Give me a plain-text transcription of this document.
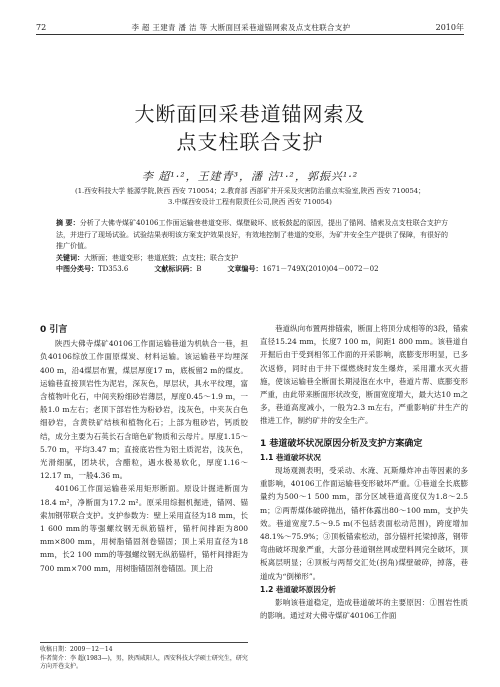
72	李 超 王建青 潘 洁 等 大断面回采巷道锚网索及点支柱联合支护	2010年
大断面回采巷道锚网索及
点支柱联合支护
李 超¹·²，王建青³，潘 洁¹·²，郭振兴¹·²
(1.西安科技大学 能源学院,陕西 西安 710054；2.教育部 西部矿井开采及灾害防治重点实验室,陕西 西安 710054；
3.中煤西安设计工程有限责任公司,陕西 西安 710054)

摘 要：分析了大佛寺煤矿40106工作面运输巷巷道变形、煤壁破坏、底板鼓起的原因，提出了锚网、锚索及点支柱联合支护方法，并进行了现场试验。试验结果表明该方案支护效果良好，有效地控制了巷道的变形，为矿井安全生产提供了保障，有很好的推广价值。

关键词：大断面；巷道变形；巷道底鼓；点支柱；联合支护

中图分类号：TD353.6	文献标识码：B	文章编号：1671－749X(2010)04－0072－02

0 引言

陕西大佛寺煤矿40106工作面运输巷道为机轨合一巷，担负40106综放工作面原煤炭、材料运输。该运输巷平均埋深400 m，沿4煤层布置，煤层厚度17 m，底板留2 m的煤皮。运输巷直接顶岩性为泥岩，深灰色，厚层状，具水平纹理，富含植物叶化石，中间夹粉细砂岩薄层，厚度0.45～1.9 m，一般1.0 m左右；老顶下部岩性为粉砂岩，浅灰色，中夹灰白色细砂岩，含黄铁矿结核和植物化石；上部为粗砂岩，钙质胶结，成分主要为石英长石含暗色矿物质和云母片。厚度1.15～5.70 m，平均3.47 m；直接底岩性为铝土质泥岩，浅灰色，光滑细腻，团块状，含醋粒，遇水极易软化，厚度1.16～12.17 m，一般4.36 m。

40106工作面运输巷采用矩形断面。原设计掘进断面为18.4 m²，净断面为17.2 m²。原采用综掘机掘进，锚网、锚索加钢带联合支护。支护参数为：壁上采用直径为18 mm，长1 600 mm的等强螺纹钢无纵筋锚杆，锚杆间排距为800 mm×800 mm，用树脂锚固剂卷锚固；顶上采用直径为18 mm，长2 100 mm的等强螺纹钢无纵筋锚杆，锚杆间排距为700 mm×700 mm，用树脂锚固剂卷锚固。顶上沿

收稿日期：2009－12－14

作者简介：李 超(1983—)，男，陕西咸阳人，西安科技大学硕士研究生，研究方向开巷支护。

巷道纵向布置两排锚索，断面上将顶分成相等的3段，锚索直径15.24 mm，长度7 100 m，间距1 800 mm。该巷道自开掘后由于受到相邻工作面的开采影响，底膨变形明显，已多次返修，同时由于井下煤燃烧时发生爆炸，采用灌水灭火措施，使该运输巷全断面长期浸泡在水中，巷道片帮、底膨变形严重，由此带来断面形状改变，断面宽度增大，最大达10 m之多，巷道高度减小，一般为2.3 m左右，严重影响矿井生产的推进工作，制约矿井的安全生产。

1 巷道破坏状况原因分析及支护方案确定

1.1 巷道破坏状况

现场观测表明，受采动、水淹、瓦斯爆炸冲击等因素的多重影响，40106工作面运输巷变形破坏严重。①巷道全长底膨量约为500～1 500 mm，部分区域巷道高度仅为1.8～2.5 m；②两帮煤体破碎抛出，锚杆体露出80～100 mm，支护失效。巷道宽度7.5～9.5 m(不包括表面松动范围)，跨度增加48.1%～75.9%；③顶板锚索松动，部分锚杆托梁掉落，钢带弯曲破坏现象严重，大部分巷道钢丝网或塑料网完全破坏，顶板离层明显；④顶板与两帮交汇处(拐角)煤壁破碎，掉落，巷道成为“倒梯形”。

1.2 巷道破坏原因分析

影响该巷道稳定，造成巷道破坏的主要原因：①围岩性质的影响。通过对大佛寺煤矿40106工作面
